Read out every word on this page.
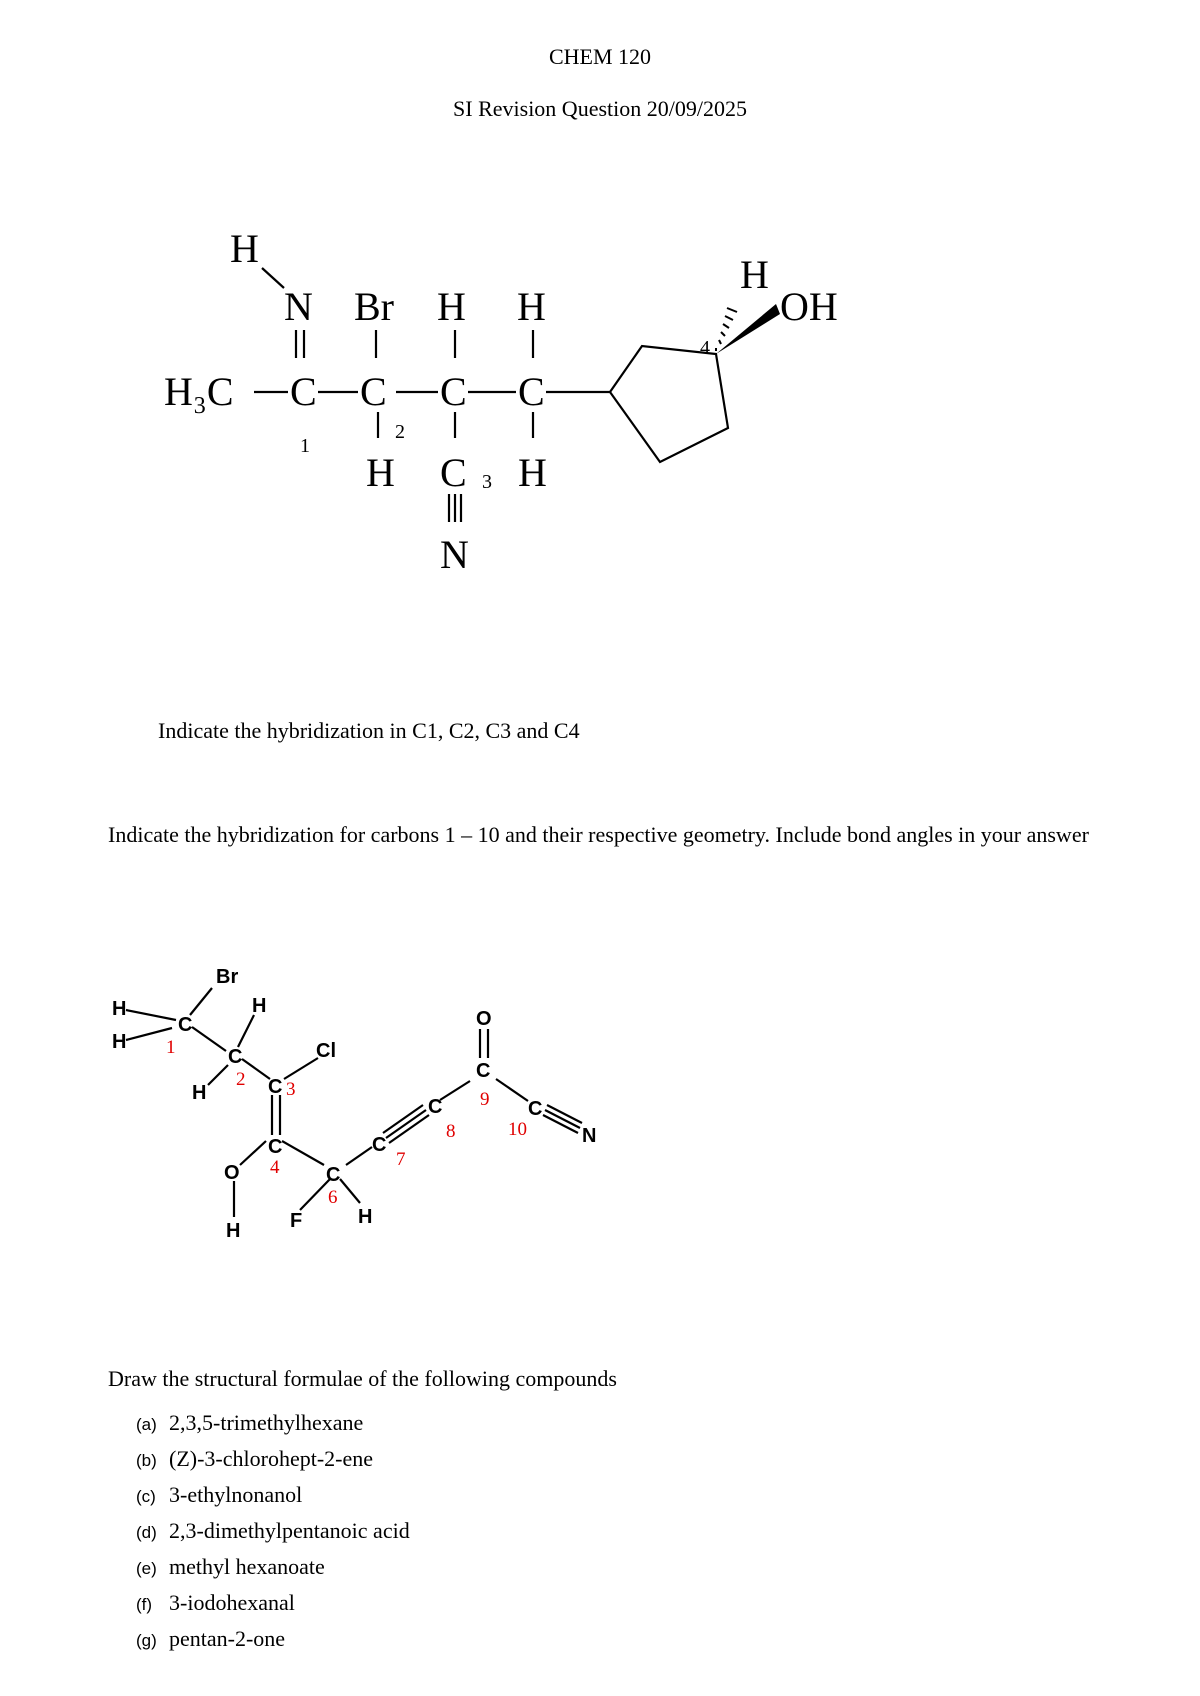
CHEM 120
SI Revision Question 20/09/2025
H
N Br H H
H₃C C C C C
H C H
N
H
OH
1
2
3
4
Indicate the hybridization in C1, C2, C3 and C4
Indicate the hybridization for carbons 1 – 10 and their respective geometry. Include bond angles in your answer
Br
H
H
C
H
C
H
Cl
C
C
O
H
C
F	H
C
C
O
C
C
N
1
2 3
4
6
7
8
9
10
Draw the structural formulae of the following compounds
(a) 2,3,5-trimethylhexane
(b) (Z)-3-chlorohept-2-ene
(c) 3-ethylnonanol
(d) 2,3-dimethylpentanoic acid
(e) methyl hexanoate
(f) 3-iodohexanal
(g) pentan-2-one
